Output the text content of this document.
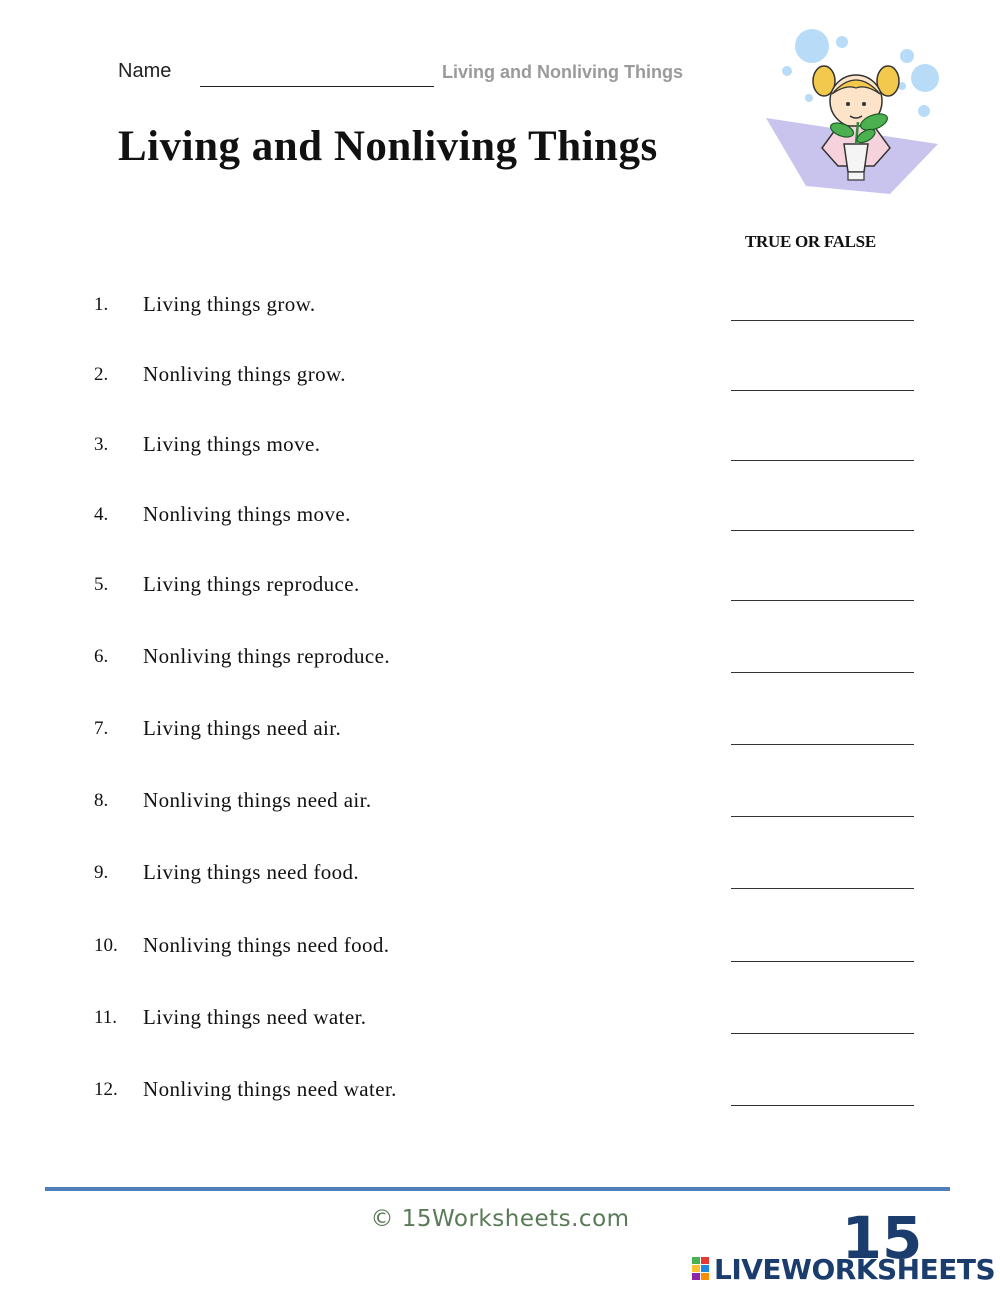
Name	Living and Nonliving Things
Living and Nonliving Things
TRUE OR FALSE
1. Living things grow.
2. Nonliving things grow.
3. Living things move.
4. Nonliving things move.
5. Living things reproduce.
6. Nonliving things reproduce.
7. Living things need air.
8. Nonliving things need air.
9. Living things need food.
10. Nonliving things need food.
11. Living things need water.
12. Nonliving things need water.
© 15Worksheets.com	15
LIVEWORKSHEETS
